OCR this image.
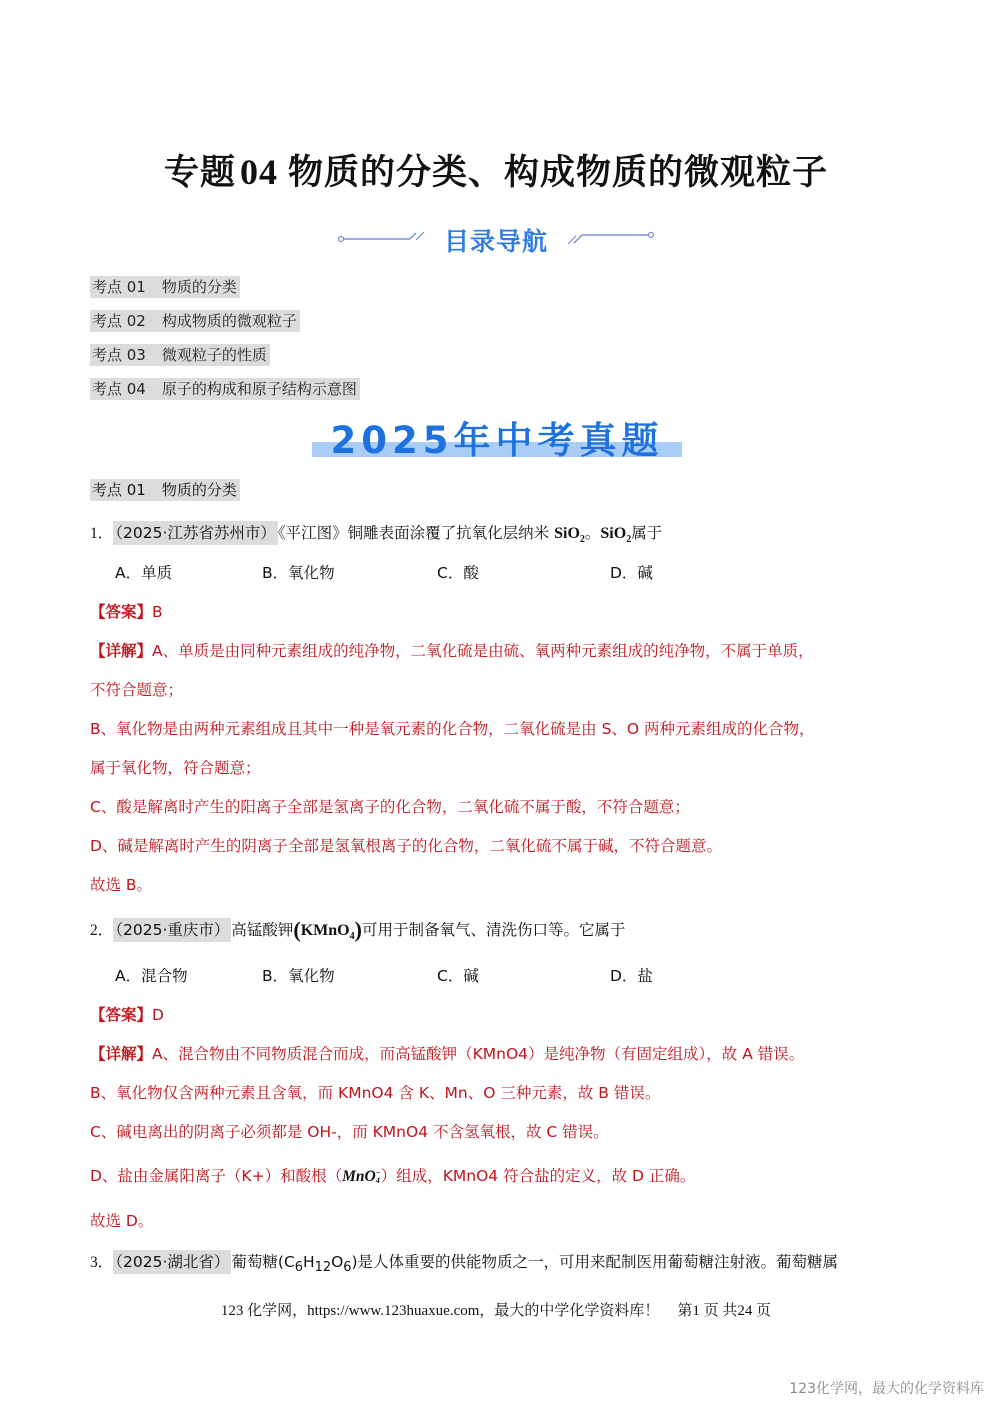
专题 04 物质的分类、构成物质的微观粒子
目录导航
考点 01 物质的分类
考点 02 构成物质的微观粒子
考点 03 微观粒子的性质
考点 04 原子的构成和原子结构示意图
2025年中考真题
考点 01 物质的分类
1． （2025·江苏省苏州市） 《平江图》铜雕表面涂覆了抗氧化层纳米 SiO$_2$。SiO$_2$属于
A．单质	B．氧化物	C．酸	D．碱
【答案】B
【详解】A、单质是由同种元素组成的纯净物，二氧化硫是由硫、氧两种元素组成的纯净物，不属于单质，
不符合题意；
B、氧化物是由两种元素组成且其中一种是氧元素的化合物，二氧化硫是由 S、O 两种元素组成的化合物，
属于氧化物，符合题意；
C、酸是解离时产生的阳离子全部是氢离子的化合物，二氧化硫不属于酸，不符合题意；
D、碱是解离时产生的阴离子全部是氢氧根离子的化合物，二氧化硫不属于碱，不符合题意。
故选 B。
2． （2025·重庆市） 高锰酸钾(KMnO$_4$)可用于制备氧气、清洗伤口等。它属于
A．混合物	B．氧化物	C．碱	D．盐
【答案】D
【详解】A、混合物由不同物质混合而成，而高锰酸钾（KMnO4）是纯净物（有固定组成），故 A 错误。
B、氧化物仅含两种元素且含氧，而 KMnO4 含 K、Mn、O 三种元素，故 B 错误。
C、碱电离出的阴离子必须都是 OH-，而 KMnO4 不含氢氧根，故 C 错误。
D、盐由金属阳离子（K+）和酸根（MnO −
4 ）组成，KMnO4 符合盐的定义，故 D 正确。
故选 D。
3． （2025·湖北省） 葡萄糖$(C_6H_{12}O_6)$是人体重要的供能物质之一，可用来配制医用葡萄糖注射液。葡萄糖属
123 化学网，https://www.123huaxue.com，最大的中学化学资料库！ 第1 页 共24 页
123化学网，最大的化学资料库
